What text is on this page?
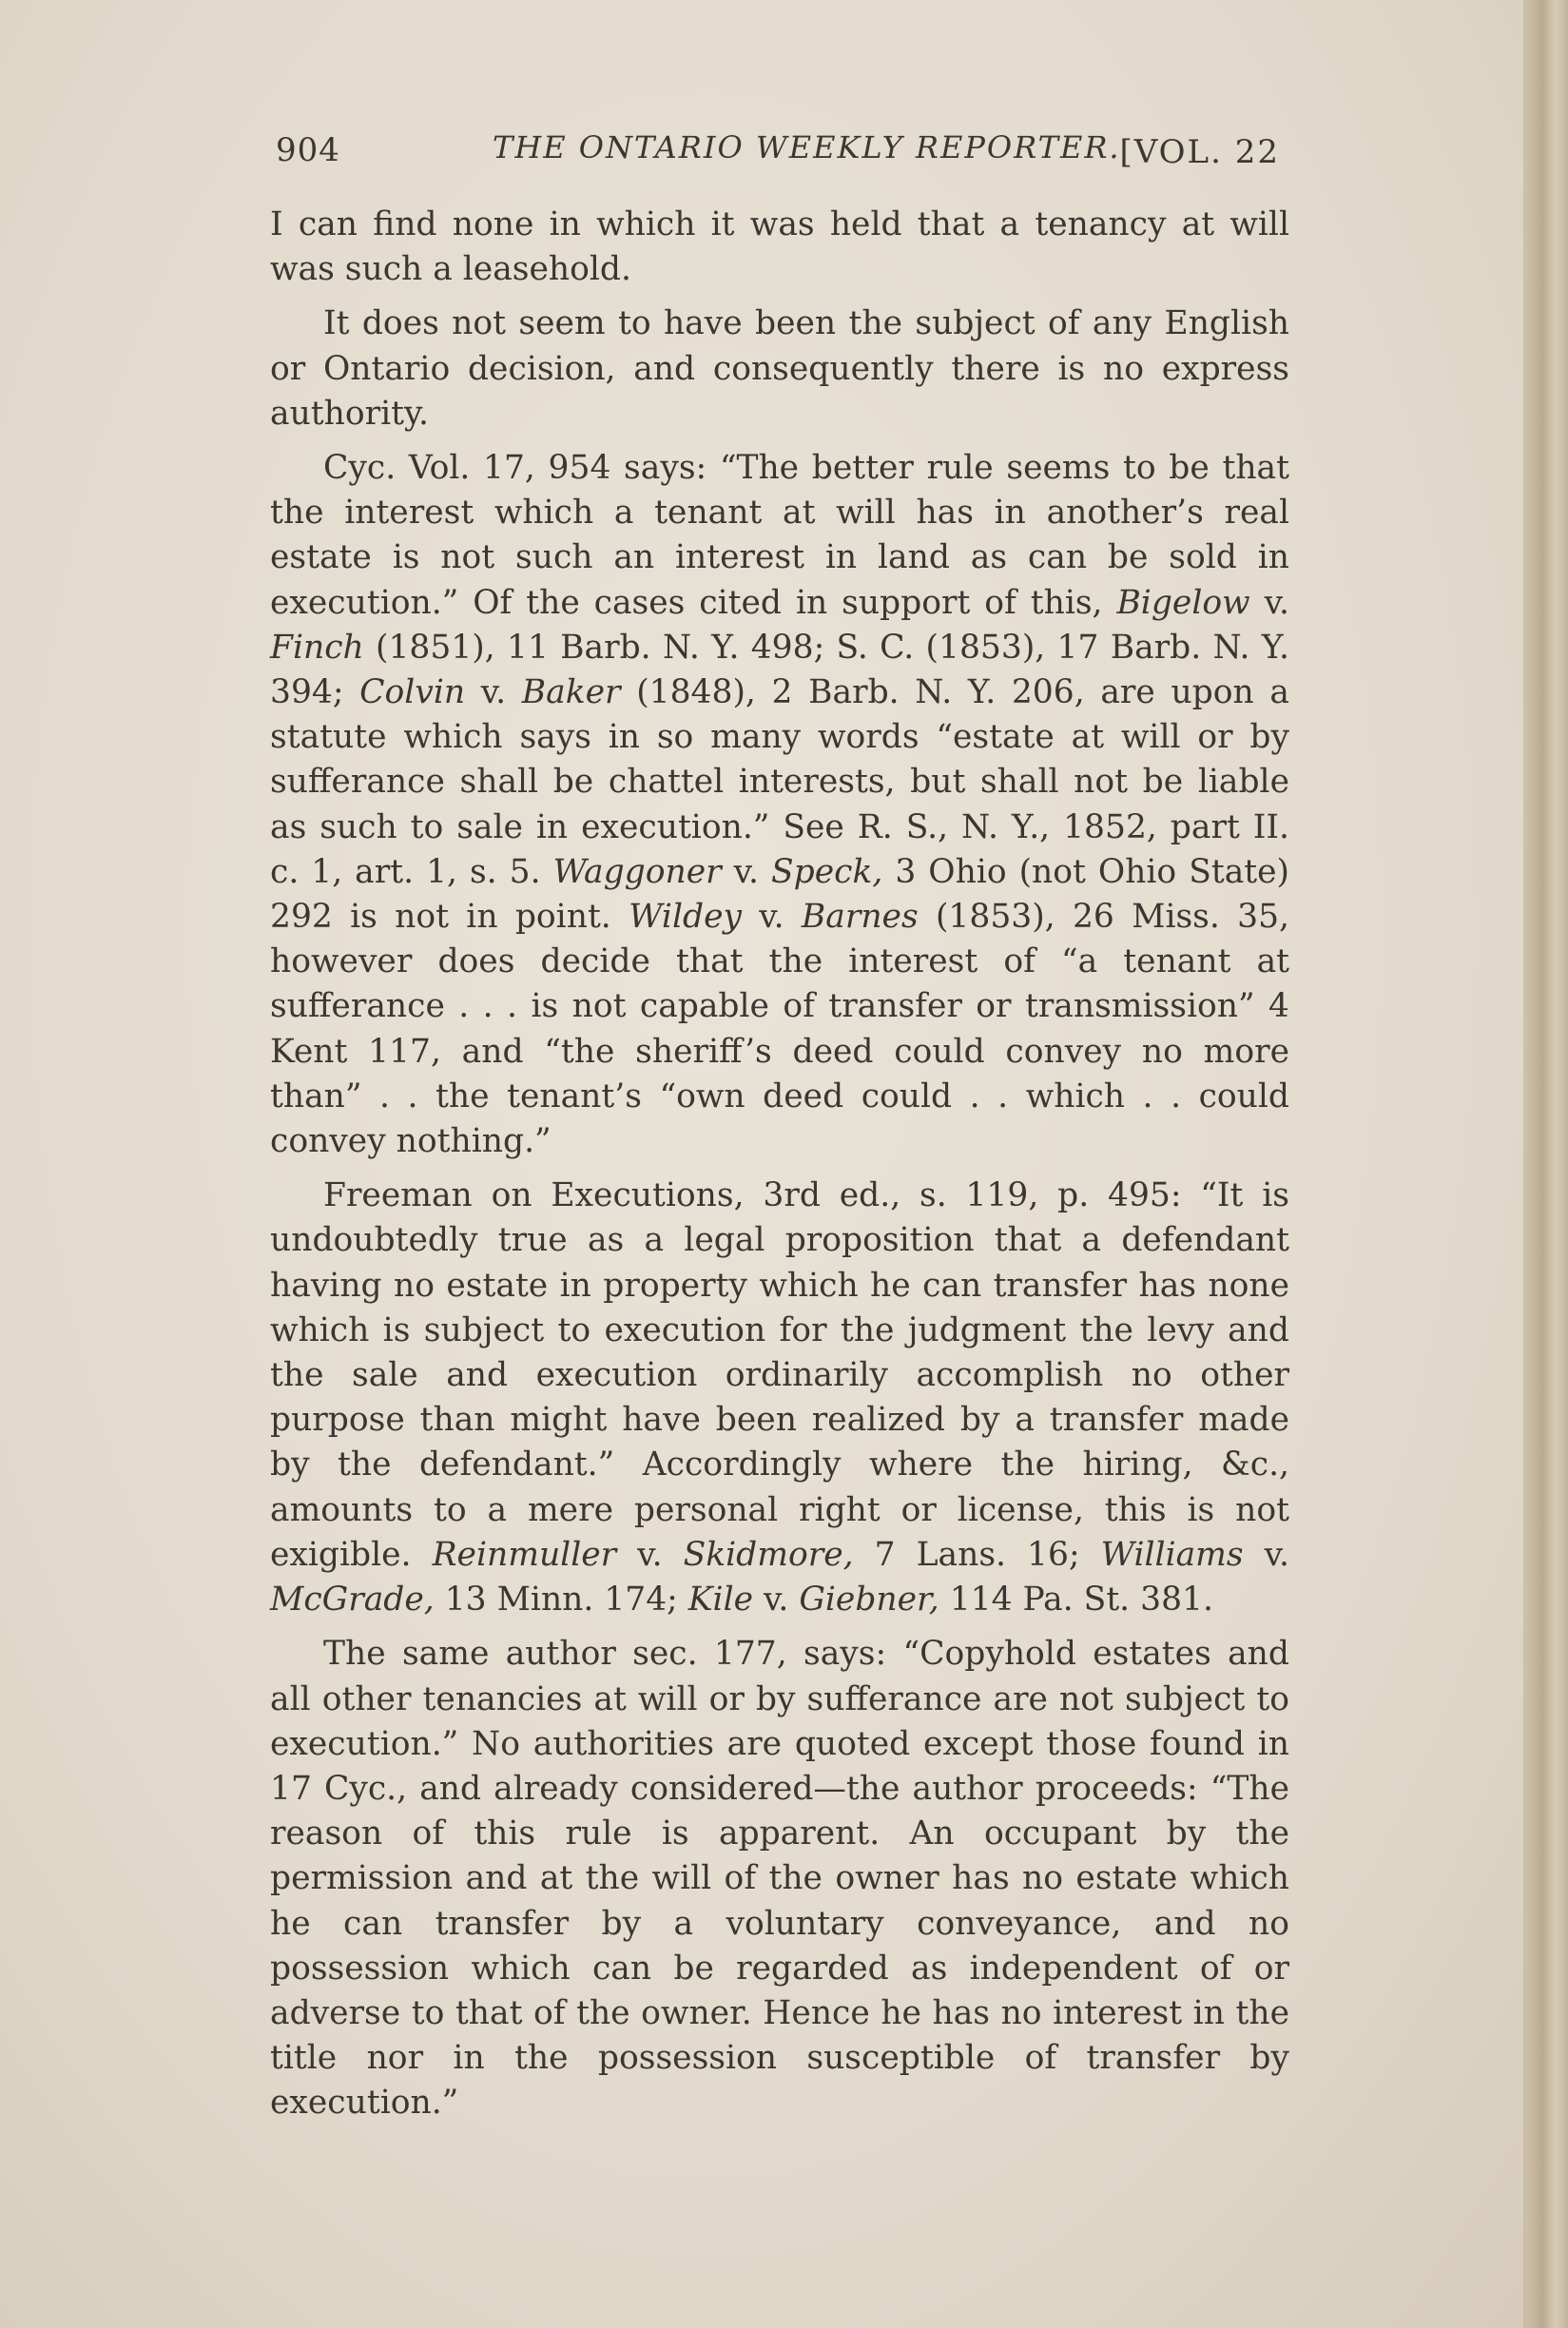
904	THE ONTARIO WEEKLY REPORTER.
[VOL. 22

I can find none in which it was held that a tenancy at will was such a leasehold.

It does not seem to have been the subject of any English or Ontario decision, and consequently there is no express authority.

Cyc. Vol. 17, 954 says: “The better rule seems to be that the interest which a tenant at will has in another’s real estate is not such an interest in land as can be sold in execution.” Of the cases cited in support of this, Bigelow v. Finch (1851), 11 Barb. N. Y. 498; S. C. (1853), 17 Barb. N. Y. 394; Colvin v. Baker (1848), 2 Barb. N. Y. 206, are upon a statute which says in so many words “estate at will or by sufferance shall be chattel interests, but shall not be liable as such to sale in execution.” See R. S., N. Y., 1852, part II. c. 1, art. 1, s. 5. Waggoner v. Speck, 3 Ohio (not Ohio State) 292 is not in point. Wildey v. Barnes (1853), 26 Miss. 35, however does decide that the interest of “a tenant at sufferance . . . is not capable of transfer or transmission” 4 Kent 117, and “the sheriff’s deed could convey no more than” . . the tenant’s “own deed could . . which . . could convey nothing.”

Freeman on Executions, 3rd ed., s. 119, p. 495: “It is undoubtedly true as a legal proposition that a defendant having no estate in property which he can transfer has none which is subject to execution for the judgment the levy and the sale and execution ordinarily accomplish no other purpose than might have been realized by a transfer made by the defendant.” Accordingly where the hiring, &c., amounts to a mere personal right or license, this is not exigible. Reinmuller v. Skidmore, 7 Lans. 16; Williams v. McGrade, 13 Minn. 174; Kile v. Giebner, 114 Pa. St. 381.

The same author sec. 177, says: “Copyhold estates and all other tenancies at will or by sufferance are not subject to execution.” No authorities are quoted except those found in 17 Cyc., and already considered—the author proceeds: “The reason of this rule is apparent. An occupant by the permission and at the will of the owner has no estate which he can transfer by a voluntary conveyance, and no possession which can be regarded as independent of or adverse to that of the owner. Hence he has no interest in the title nor in the possession susceptible of transfer by execution.”
